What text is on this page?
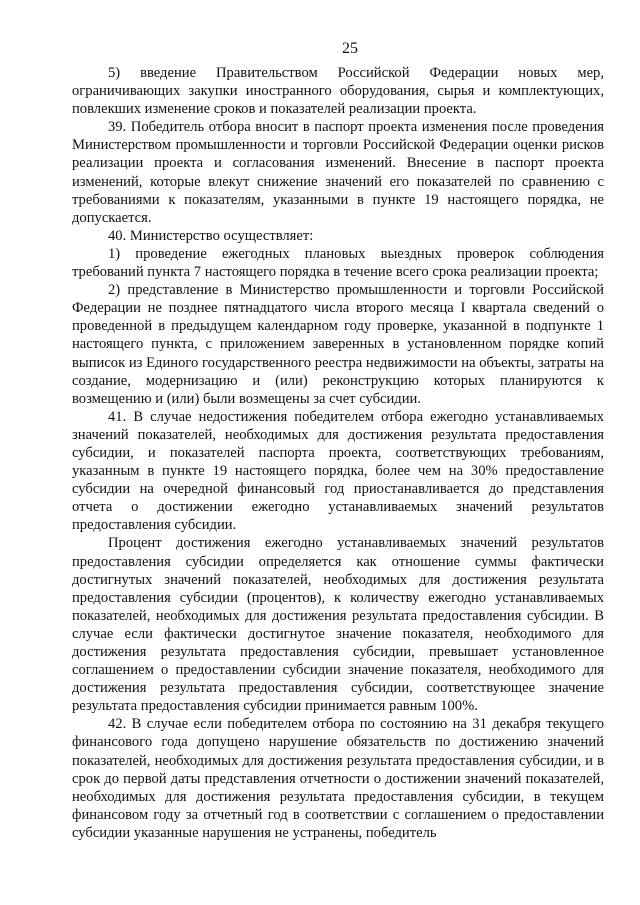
25

5) введение Правительством Российской Федерации новых мер, ограничивающих закупки иностранного оборудования, сырья и комплектующих, повлекших изменение сроков и показателей реализации проекта.

39. Победитель отбора вносит в паспорт проекта изменения после проведения Министерством промышленности и торговли Российской Федерации оценки рисков реализации проекта и согласования изменений. Внесение в паспорт проекта изменений, которые влекут снижение значений его показателей по сравнению с требованиями к показателям, указанными в пункте 19 настоящего порядка, не допускается.

40. Министерство осуществляет:

1) проведение ежегодных плановых выездных проверок соблюдения требований пункта 7 настоящего порядка в течение всего срока реализации проекта;

2) представление в Министерство промышленности и торговли Российской Федерации не позднее пятнадцатого числа второго месяца I квартала сведений о проведенной в предыдущем календарном году проверке, указанной в подпункте 1 настоящего пункта, с приложением заверенных в установленном порядке копий выписок из Единого государственного реестра недвижимости на объекты, затраты на создание, модернизацию и (или) реконструкцию которых планируются к возмещению и (или) были возмещены за счет субсидии.

41. В случае недостижения победителем отбора ежегодно устанавливаемых значений показателей, необходимых для достижения результата предоставления субсидии, и показателей паспорта проекта, соответствующих требованиям, указанным в пункте 19 настоящего порядка, более чем на 30% предоставление субсидии на очередной финансовый год приостанавливается до представления отчета о достижении ежегодно устанавливаемых значений результатов предоставления субсидии.

Процент достижения ежегодно устанавливаемых значений результатов предоставления субсидии определяется как отношение суммы фактически достигнутых значений показателей, необходимых для достижения результата предоставления субсидии (процентов), к количеству ежегодно устанавливаемых показателей, необходимых для достижения результата предоставления субсидии. В случае если фактически достигнутое значение показателя, необходимого для достижения результата предоставления субсидии, превышает установленное соглашением о предоставлении субсидии значение показателя, необходимого для достижения результата предоставления субсидии, соответствующее значение результата предоставления субсидии принимается равным 100%.

42. В случае если победителем отбора по состоянию на 31 декабря текущего финансового года допущено нарушение обязательств по достижению значений показателей, необходимых для достижения результата предоставления субсидии, и в срок до первой даты представления отчетности о достижении значений показателей, необходимых для достижения результата предоставления субсидии, в текущем финансовом году за отчетный год в соответствии с соглашением о предоставлении субсидии указанные нарушения не устранены, победитель
